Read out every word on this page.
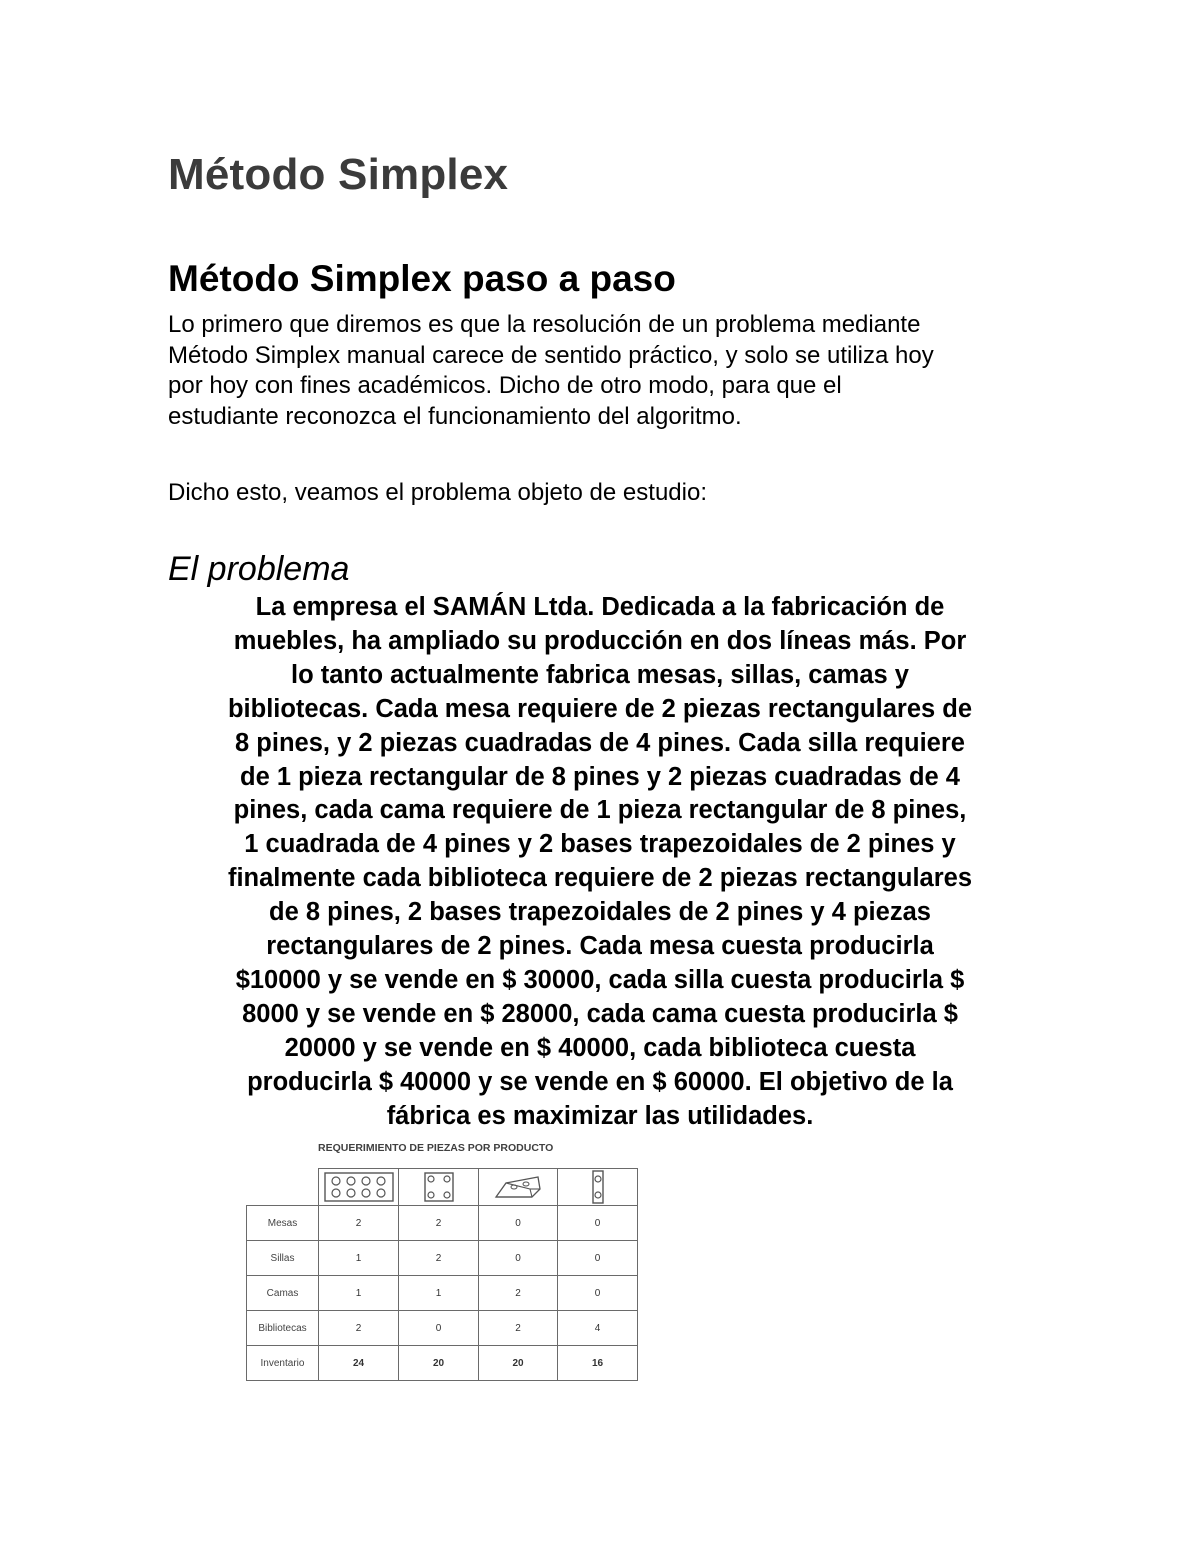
Método Simplex
Método Simplex paso a paso
Lo primero que diremos es que la resolución de un problema mediante
Método Simplex manual carece de sentido práctico, y solo se utiliza hoy
por hoy con fines académicos. Dicho de otro modo, para que el
estudiante reconozca el funcionamiento del algoritmo.

Dicho esto, veamos el problema objeto de estudio:

El problema
La empresa el SAMÁN Ltda. Dedicada a la fabricación de
muebles, ha ampliado su producción en dos líneas más. Por
lo tanto actualmente fabrica mesas, sillas, camas y
bibliotecas. Cada mesa requiere de 2 piezas rectangulares de
8 pines, y 2 piezas cuadradas de 4 pines. Cada silla requiere
de 1 pieza rectangular de 8 pines y 2 piezas cuadradas de 4
pines, cada cama requiere de 1 pieza rectangular de 8 pines,
1 cuadrada de 4 pines y 2 bases trapezoidales de 2 pines y
finalmente cada biblioteca requiere de 2 piezas rectangulares
de 8 pines, 2 bases trapezoidales de 2 pines y 4 piezas
rectangulares de 2 pines. Cada mesa cuesta producirla
$10000 y se vende en $ 30000, cada silla cuesta producirla $
8000 y se vende en $ 28000, cada cama cuesta producirla $
20000 y se vende en $ 40000, cada biblioteca cuesta
producirla $ 40000 y se vende en $ 60000. El objetivo de la
fábrica es maximizar las utilidades.
REQUERIMIENTO DE PIEZAS POR PRODUCTO

Mesas	2	2	0	0
Sillas	1	2	0	0
Camas	1	1	2	0
Bibliotecas	2	0	2	4
Inventario	24	20	20	16
